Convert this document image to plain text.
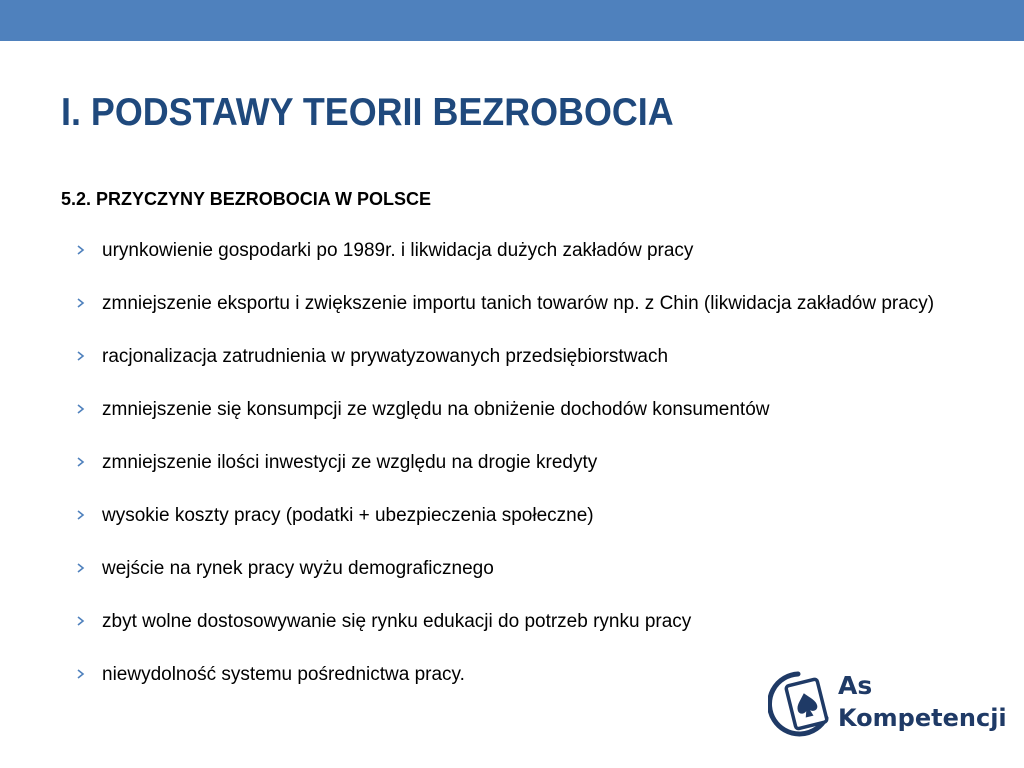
I. PODSTAWY TEORII BEZROBOCIA
5.2. PRZYCZYNY BEZROBOCIA W POLSCE
urynkowienie gospodarki po 1989r. i likwidacja dużych zakładów pracy
zmniejszenie eksportu i zwiększenie importu tanich towarów np. z Chin (likwidacja zakładów pracy)
racjonalizacja zatrudnienia w prywatyzowanych przedsiębiorstwach
zmniejszenie się konsumpcji ze względu na obniżenie dochodów konsumentów
zmniejszenie ilości inwestycji ze względu na drogie kredyty
wysokie koszty pracy (podatki + ubezpieczenia społeczne)
wejście na rynek pracy wyżu demograficznego
zbyt wolne dostosowywanie się rynku edukacji do potrzeb rynku pracy
niewydolność systemu pośrednictwa pracy.	As
Kompetencji
